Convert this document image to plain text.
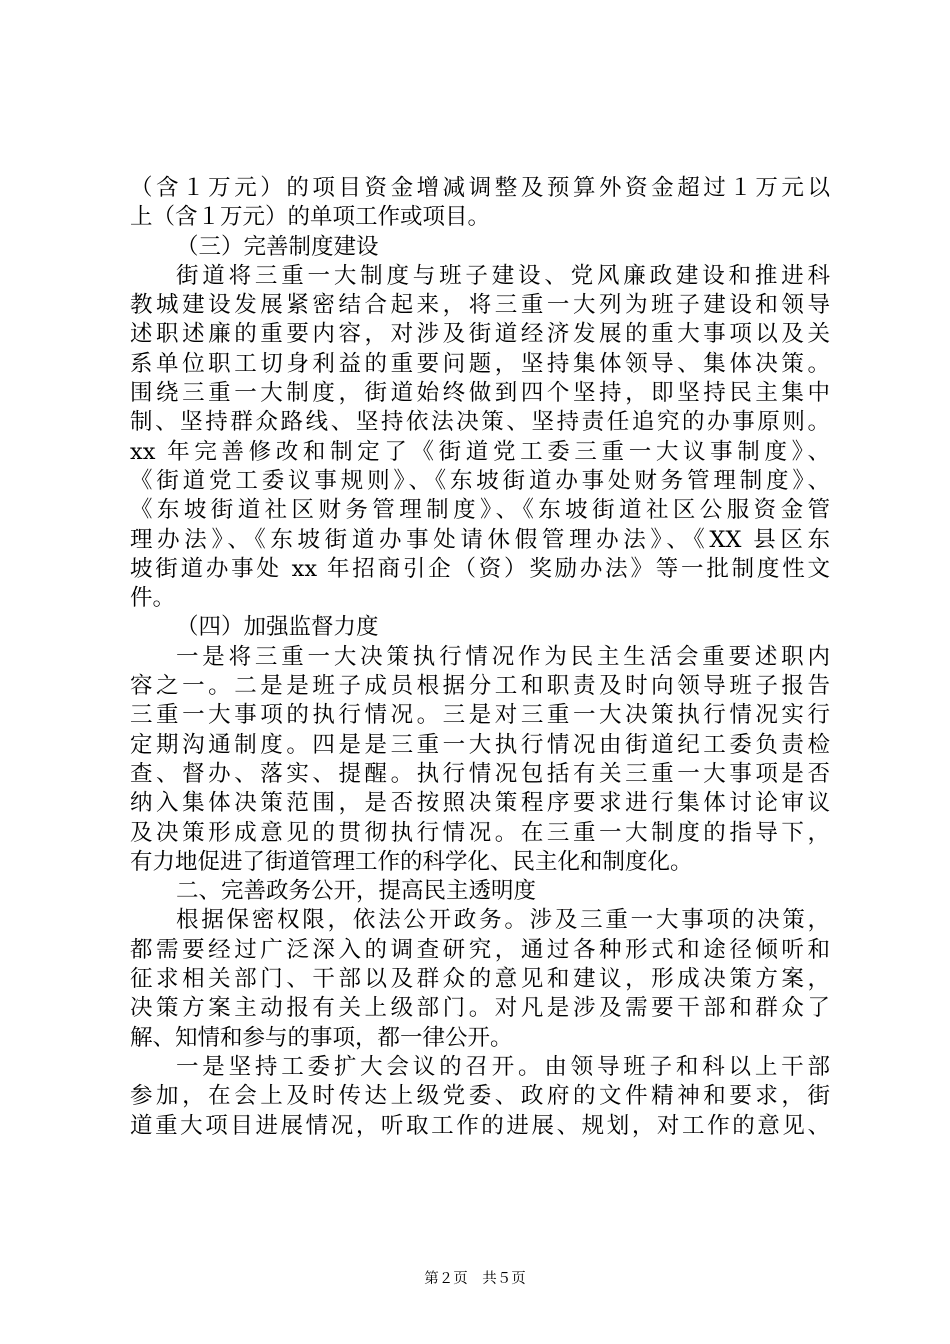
（含１万元）的项目资金增减调整及预算外资金超过１万元以
上（含１万元）的单项工作或项目。
（三）完善制度建设
街道将三重一大制度与班子建设、党风廉政建设和推进科
教城建设发展紧密结合起来，将三重一大列为班子建设和领导
述职述廉的重要内容，对涉及街道经济发展的重大事项以及关
系单位职工切身利益的重要问题，坚持集体领导、集体决策。
围绕三重一大制度，街道始终做到四个坚持，即坚持民主集中
制、坚持群众路线、坚持依法决策、坚持责任追究的办事原则。
xx 年完善修改和制定了《街道党工委三重一大议事制度》、
《街道党工委议事规则》、《东坡街道办事处财务管理制度》、
《东坡街道社区财务管理制度》、《东坡街道社区公服资金管
理办法》、《东坡街道办事处请休假管理办法》、《XX 县区东
坡街道办事处 xx 年招商引企（资）奖励办法》等一批制度性文
件。
（四）加强监督力度
一是将三重一大决策执行情况作为民主生活会重要述职内
容之一。二是是班子成员根据分工和职责及时向领导班子报告
三重一大事项的执行情况。三是对三重一大决策执行情况实行
定期沟通制度。四是是三重一大执行情况由街道纪工委负责检
查、督办、落实、提醒。执行情况包括有关三重一大事项是否
纳入集体决策范围，是否按照决策程序要求进行集体讨论审议
及决策形成意见的贯彻执行情况。在三重一大制度的指导下，
有力地促进了街道管理工作的科学化、民主化和制度化。
二、完善政务公开，提高民主透明度
根据保密权限，依法公开政务。涉及三重一大事项的决策，
都需要经过广泛深入的调查研究，通过各种形式和途径倾听和
征求相关部门、干部以及群众的意见和建议，形成决策方案，
决策方案主动报有关上级部门。对凡是涉及需要干部和群众了
解、知情和参与的事项，都一律公开。
一是坚持工委扩大会议的召开。由领导班子和科以上干部
参加，在会上及时传达上级党委、政府的文件精神和要求，街
道重大项目进展情况，听取工作的进展、规划，对工作的意见、
第２页　共５页
